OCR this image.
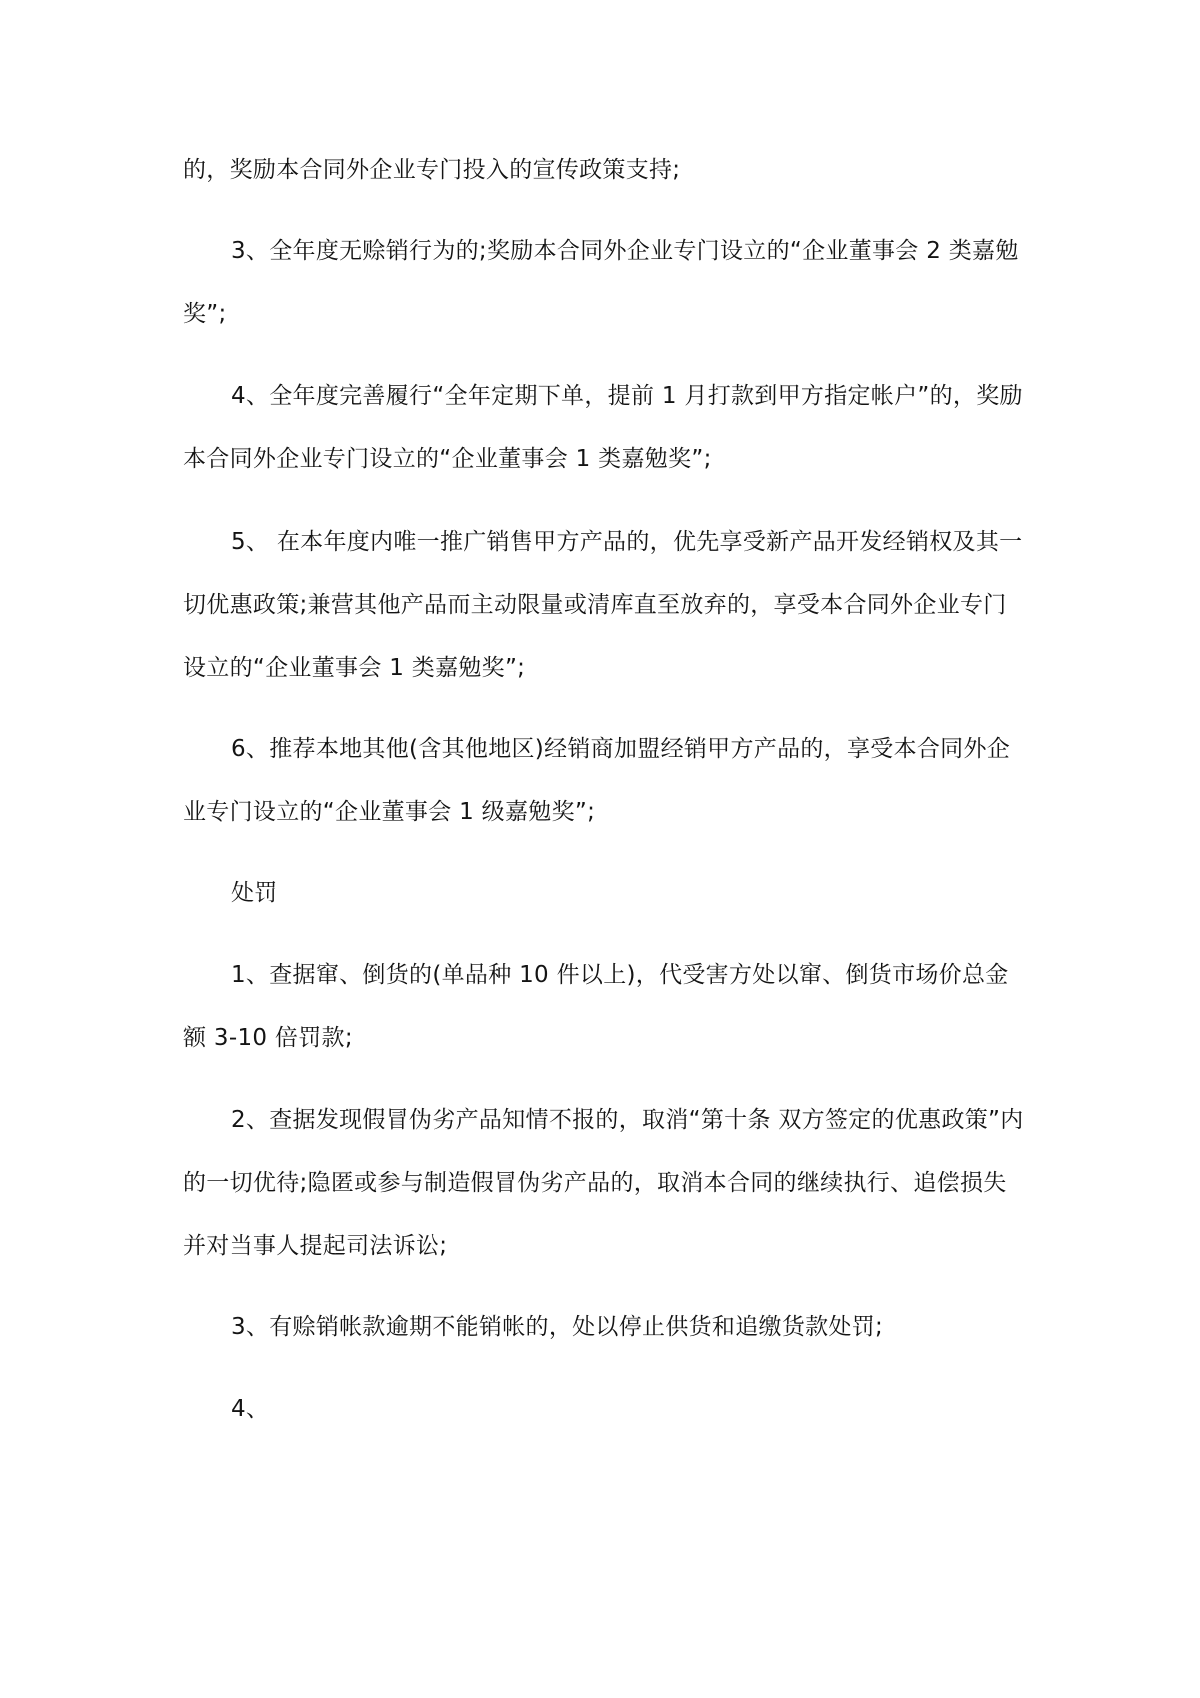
的，奖励本合同外企业专门投入的宣传政策支持;

3、全年度无赊销行为的;奖励本合同外企业专门设立的“企业董事会 2 类嘉勉奖”;

4、全年度完善履行“全年定期下单，提前 1 月打款到甲方指定帐户”的，奖励本合同外企业专门设立的“企业董事会 1 类嘉勉奖”;

5、 在本年度内唯一推广销售甲方产品的，优先享受新产品开发经销权及其一切优惠政策;兼营其他产品而主动限量或清库直至放弃的，享受本合同外企业专门设立的“企业董事会 1 类嘉勉奖”;

6、推荐本地其他(含其他地区)经销商加盟经销甲方产品的，享受本合同外企业专门设立的“企业董事会 1 级嘉勉奖”;

处罚

1、查据窜、倒货的(单品种 10 件以上)，代受害方处以窜、倒货市场价总金额 3-10 倍罚款;

2、查据发现假冒伪劣产品知情不报的，取消“第十条 双方签定的优惠政策”内的一切优待;隐匿或参与制造假冒伪劣产品的，取消本合同的继续执行、追偿损失并对当事人提起司法诉讼;

3、有赊销帐款逾期不能销帐的，处以停止供货和追缴货款处罚;

4、
